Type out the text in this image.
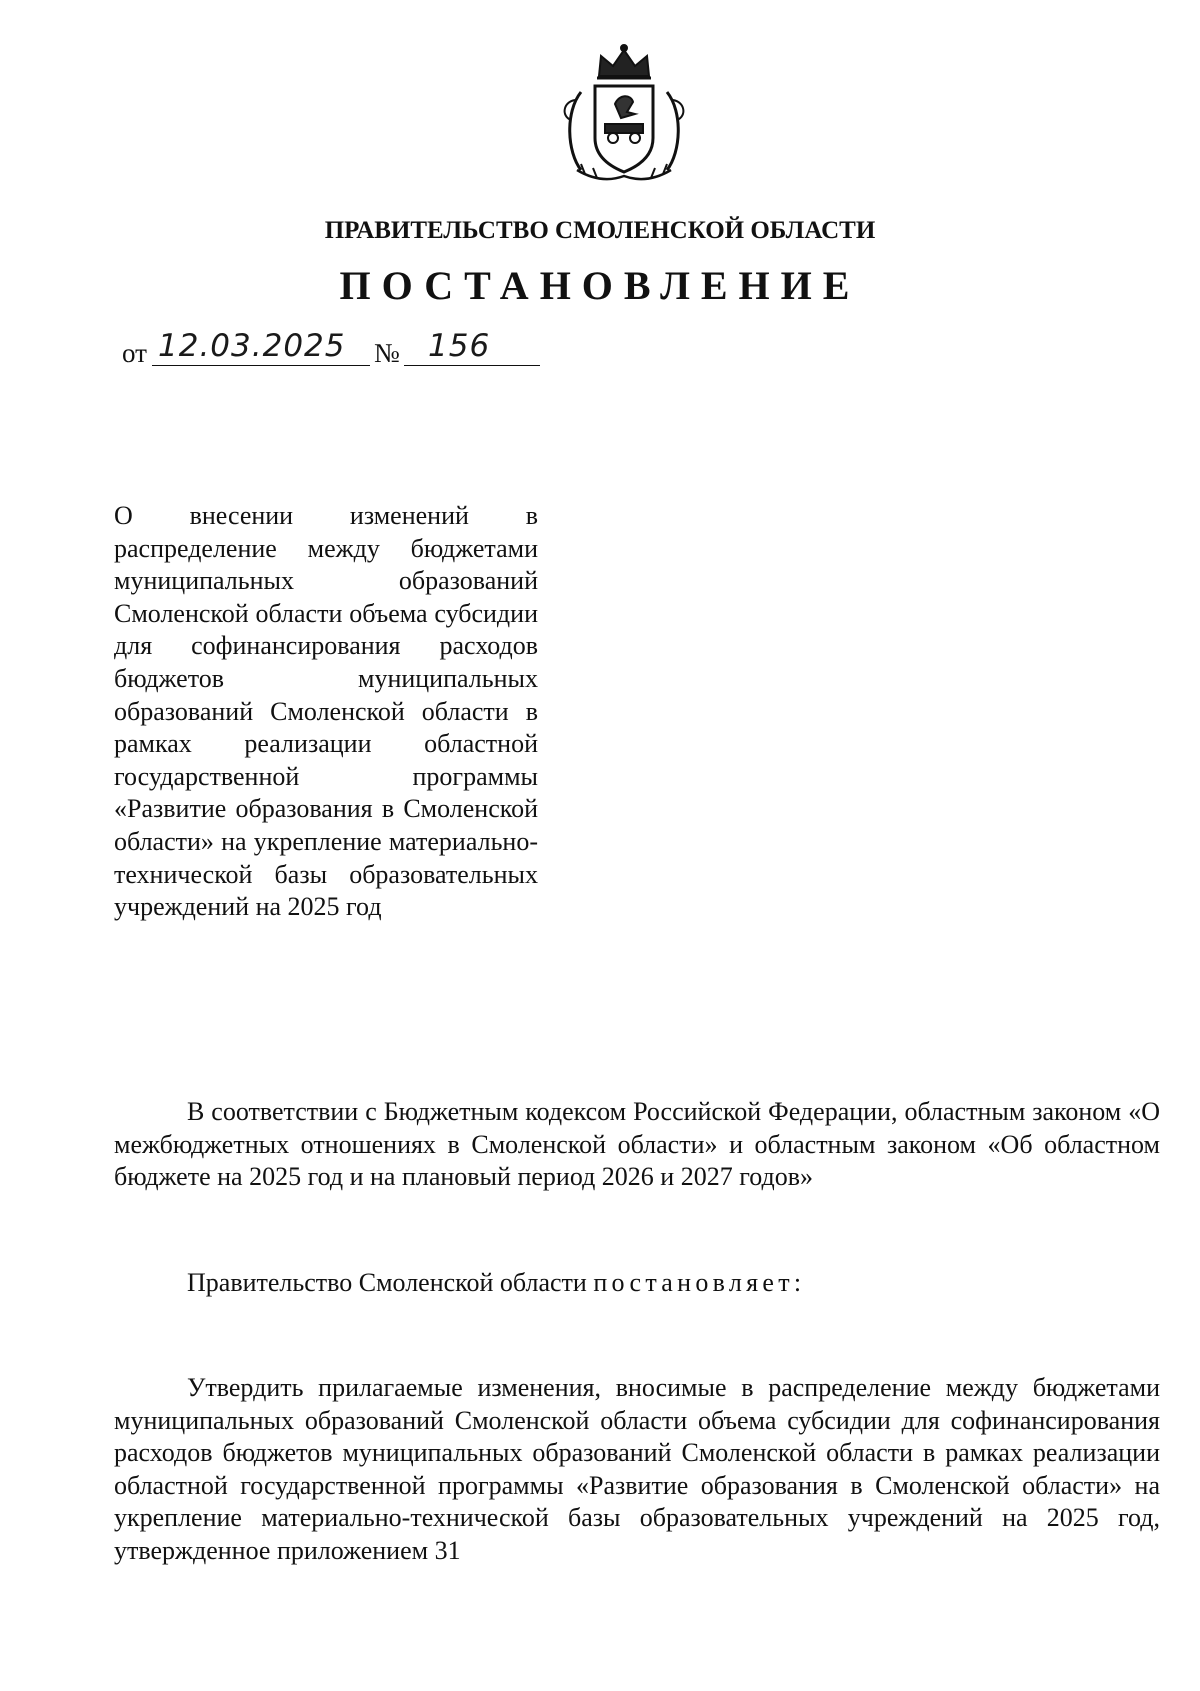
ПРАВИТЕЛЬСТВО СМОЛЕНСКОЙ ОБЛАСТИ
ПОСТАНОВЛЕНИЕ
от 12.03.2025 № 156
О внесении изменений в распределение между бюджетами муниципальных образований Смоленской области объема субсидии для софинансирования расходов бюджетов муниципальных образований Смоленской области в рамках реализации областной государственной программы «Развитие образования в Смоленской области» на укрепление материально-технической базы образовательных учреждений на 2025 год
В соответствии с Бюджетным кодексом Российской Федерации, областным законом «О межбюджетных отношениях в Смоленской области» и областным законом «Об областном бюджете на 2025 год и на плановый период 2026 и 2027 годов»
Правительство Смоленской области постановляет:
Утвердить прилагаемые изменения, вносимые в распределение между бюджетами муниципальных образований Смоленской области объема субсидии для софинансирования расходов бюджетов муниципальных образований Смоленской области в рамках реализации областной государственной программы «Развитие образования в Смоленской области» на укрепление материально-технической базы образовательных учреждений на 2025 год, утвержденное приложением 31
